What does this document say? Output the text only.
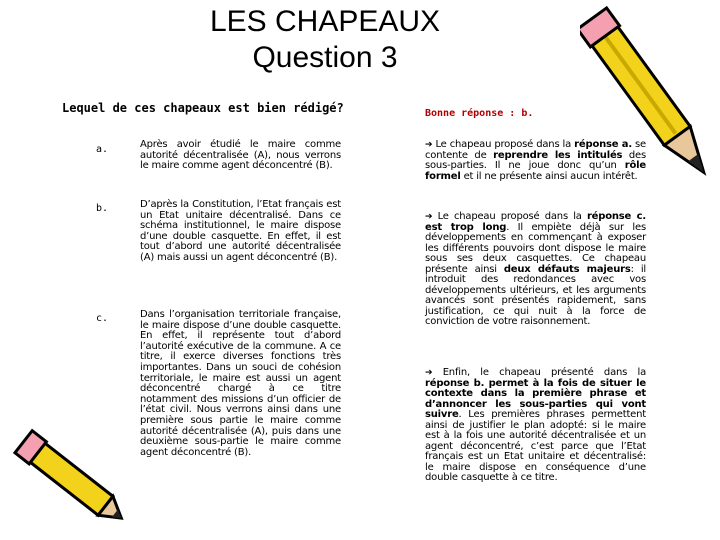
LES CHAPEAUX
Question 3
Lequel de ces chapeaux est bien rédigé?	Bonne réponse : b.
a.	Après avoir étudié le maire comme autorité décentralisée (A), nous verrons le maire comme agent déconcentré (B).
b.	D’après la Constitution, l’Etat français est un Etat unitaire décentralisé. Dans ce schéma institutionnel, le maire dispose d’une double casquette. En effet, il est tout d’abord une autorité décentralisée (A) mais aussi un agent déconcentré (B).
c.	Dans l’organisation territoriale française, le maire dispose d’une double casquette. En effet, il représente tout d’abord l’autorité exécutive de la commune. A ce titre, il exerce diverses fonctions très importantes. Dans un souci de cohésion territoriale, le maire est aussi un agent déconcentré chargé à ce titre notamment des missions d’un officier de l’état civil. Nous verrons ainsi dans une première sous partie le maire comme autorité décentralisée (A), puis dans une deuxième sous-partie le maire comme agent déconcentré (B).
➔ Le chapeau proposé dans la réponse a. se contente de reprendre les intitulés des sous-parties. Il ne joue donc qu’un rôle formel et il ne présente ainsi aucun intérêt.
➔ Le chapeau proposé dans la réponse c. est trop long. Il empiète déjà sur les développements en commençant à exposer les différents pouvoirs dont dispose le maire sous ses deux casquettes. Ce chapeau présente ainsi deux défauts majeurs: il introduit des redondances avec vos développements ultérieurs, et les arguments avancés sont présentés rapidement, sans justification, ce qui nuit à la force de conviction de votre raisonnement.
➔ Enfin, le chapeau présenté dans la réponse b. permet à la fois de situer le contexte dans la première phrase et d’annoncer les sous-parties qui vont suivre. Les premières phrases permettent ainsi de justifier le plan adopté: si le maire est à la fois une autorité décentralisée et un agent déconcentré, c’est parce que l’Etat français est un Etat unitaire et décentralisé: le maire dispose en conséquence d’une double casquette à ce titre.
